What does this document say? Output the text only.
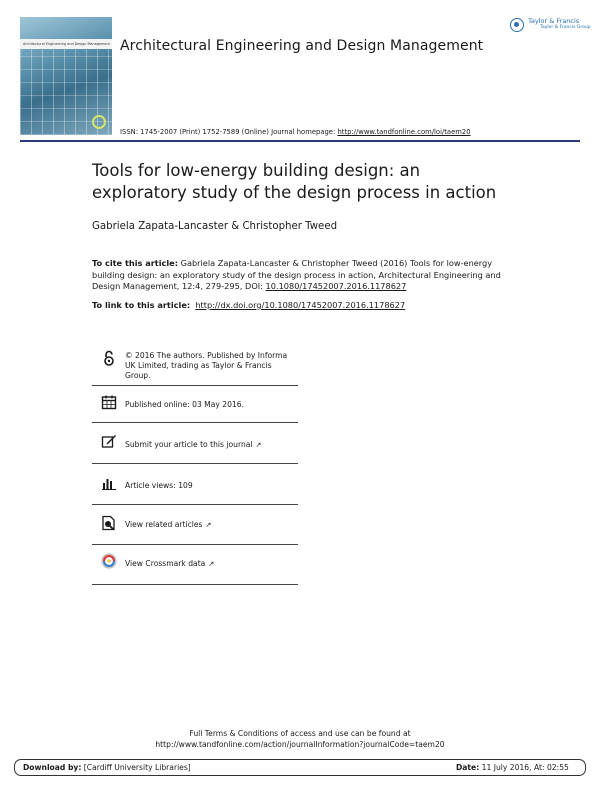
Architectural Engineering and Design Management Architectural Engineering and Design Management
Taylor & Francis
Taylor & Francis Group
ISSN: 1745-2007 (Print) 1752-7589 (Online) Journal homepage: http://www.tandfonline.com/loi/taem20
Tools for low-energy building design: an exploratory study of the design process in action
Gabriela Zapata-Lancaster & Christopher Tweed
To cite this article: Gabriela Zapata-Lancaster & Christopher Tweed (2016) Tools for low-energy building design: an exploratory study of the design process in action, Architectural Engineering and Design Management, 12:4, 279-295, DOI: 10.1080/17452007.2016.1178627
To link to this article: http://dx.doi.org/10.1080/17452007.2016.1178627
© 2016 The authors. Published by Informa UK Limited, trading as Taylor & Francis Group.
Published online: 03 May 2016.
Submit your article to this journal ↗
Article views: 109
View related articles ↗
View Crossmark data ↗
Full Terms & Conditions of access and use can be found at
http://www.tandfonline.com/action/journalInformation?journalCode=taem20
Download by: [Cardiff University Libraries]	Date: 11 July 2016, At: 02:55
